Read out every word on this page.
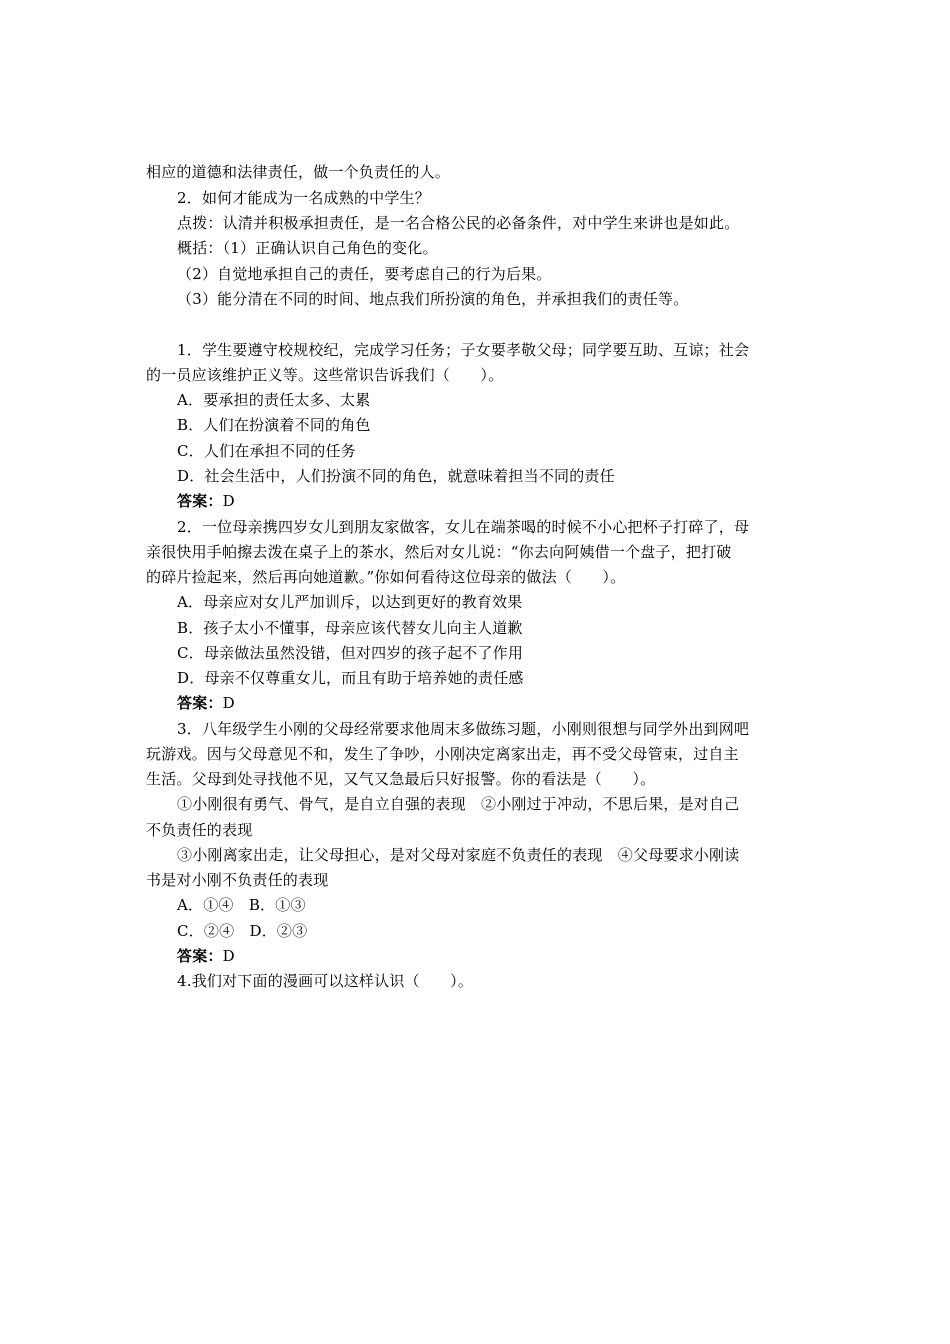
相应的道德和法律责任，做一个负责任的人。
2．如何才能成为一名成熟的中学生？
点拨：认清并积极承担责任，是一名合格公民的必备条件，对中学生来讲也是如此。
概括：（1）正确认识自己角色的变化。
（2）自觉地承担自己的责任，要考虑自己的行为后果。
（3）能分清在不同的时间、地点我们所扮演的角色，并承担我们的责任等。
1．学生要遵守校规校纪，完成学习任务；子女要孝敬父母；同学要互助、互谅；社会
的一员应该维护正义等。这些常识告诉我们（　　）。
A．要承担的责任太多、太累
B．人们在扮演着不同的角色
C．人们在承担不同的任务
D．社会生活中，人们扮演不同的角色，就意味着担当不同的责任
答案：D
2．一位母亲携四岁女儿到朋友家做客，女儿在端茶喝的时候不小心把杯子打碎了，母
亲很快用手帕擦去泼在桌子上的茶水，然后对女儿说：“你去向阿姨借一个盘子，把打破
的碎片捡起来，然后再向她道歉。”你如何看待这位母亲的做法（　　）。
A．母亲应对女儿严加训斥，以达到更好的教育效果
B．孩子太小不懂事，母亲应该代替女儿向主人道歉
C．母亲做法虽然没错，但对四岁的孩子起不了作用
D．母亲不仅尊重女儿，而且有助于培养她的责任感
答案：D
3．八年级学生小刚的父母经常要求他周末多做练习题，小刚则很想与同学外出到网吧
玩游戏。因与父母意见不和，发生了争吵，小刚决定离家出走，再不受父母管束，过自主
生活。父母到处寻找他不见，又气又急最后只好报警。你的看法是（　　）。
①小刚很有勇气、骨气，是自立自强的表现　②小刚过于冲动，不思后果，是对自己
不负责任的表现
③小刚离家出走，让父母担心，是对父母对家庭不负责任的表现　④父母要求小刚读
书是对小刚不负责任的表现
A．①④　B．①③
C．②④　D．②③
答案：D
4.我们对下面的漫画可以这样认识（　　）。
